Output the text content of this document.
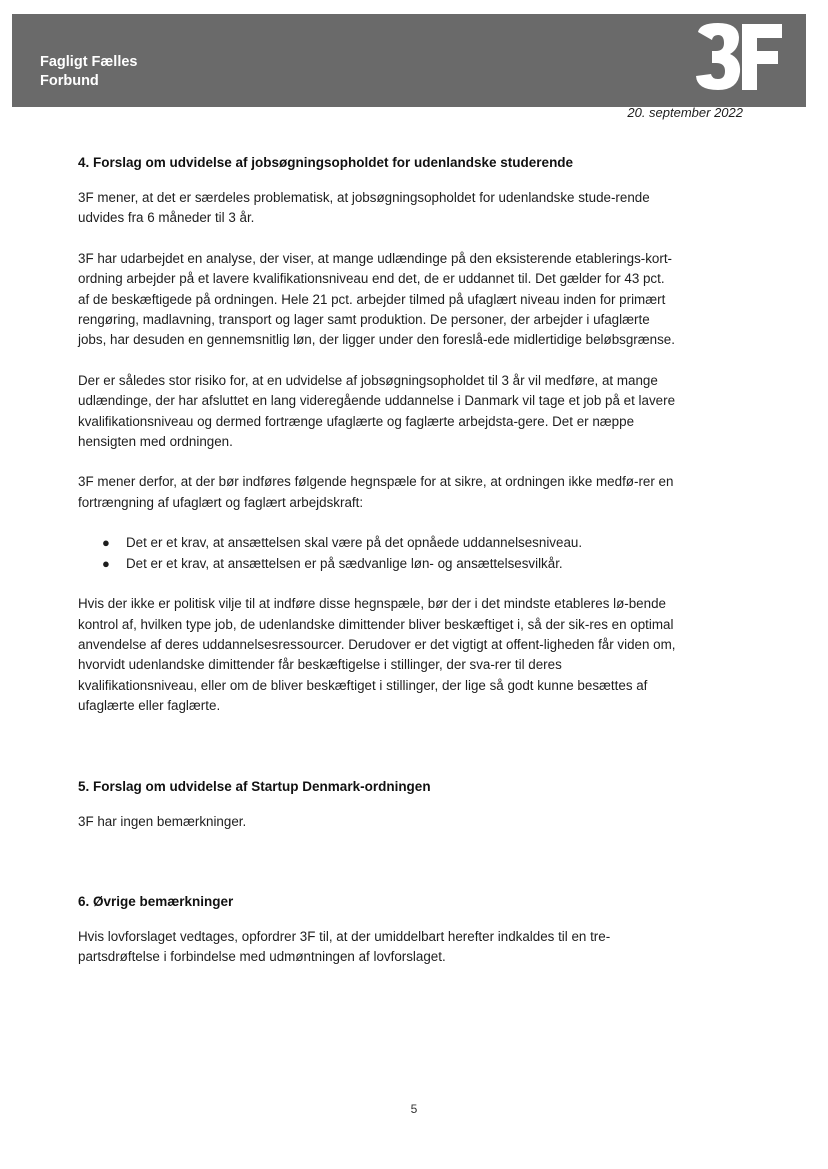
Fagligt Fælles
Forbund
20. september 2022
4. Forslag om udvidelse af jobsøgningsopholdet for udenlandske studerende

3F mener, at det er særdeles problematisk, at jobsøgningsopholdet for udenlandske stude-rende udvides fra 6 måneder til 3 år.

3F har udarbejdet en analyse, der viser, at mange udlændinge på den eksisterende etablerings-kort-ordning arbejder på et lavere kvalifikationsniveau end det, de er uddannet til. Det gælder for 43 pct. af de beskæftigede på ordningen. Hele 21 pct. arbejder tilmed på ufaglært niveau inden for primært rengøring, madlavning, transport og lager samt produktion. De personer, der arbejder i ufaglærte jobs, har desuden en gennemsnitlig løn, der ligger under den foreslå-ede midlertidige beløbsgrænse.

Der er således stor risiko for, at en udvidelse af jobsøgningsopholdet til 3 år vil medføre, at mange udlændinge, der har afsluttet en lang videregående uddannelse i Danmark vil tage et job på et lavere kvalifikationsniveau og dermed fortrænge ufaglærte og faglærte arbejdsta-gere. Det er næppe hensigten med ordningen.

3F mener derfor, at der bør indføres følgende hegnspæle for at sikre, at ordningen ikke medfø-rer en fortrængning af ufaglært og faglært arbejdskraft:

● Det er et krav, at ansættelsen skal være på det opnåede uddannelsesniveau.
● Det er et krav, at ansættelsen er på sædvanlige løn- og ansættelsesvilkår.

Hvis der ikke er politisk vilje til at indføre disse hegnspæle, bør der i det mindste etableres lø-bende kontrol af, hvilken type job, de udenlandske dimittender bliver beskæftiget i, så der sik-res en optimal anvendelse af deres uddannelsesressourcer. Derudover er det vigtigt at offent-ligheden får viden om, hvorvidt udenlandske dimittender får beskæftigelse i stillinger, der sva-rer til deres kvalifikationsniveau, eller om de bliver beskæftiget i stillinger, der lige så godt kunne besættes af ufaglærte eller faglærte.

5. Forslag om udvidelse af Startup Denmark-ordningen

3F har ingen bemærkninger.

6. Øvrige bemærkninger

Hvis lovforslaget vedtages, opfordrer 3F til, at der umiddelbart herefter indkaldes til en tre-partsdrøftelse i forbindelse med udmøntningen af lovforslaget.

5
